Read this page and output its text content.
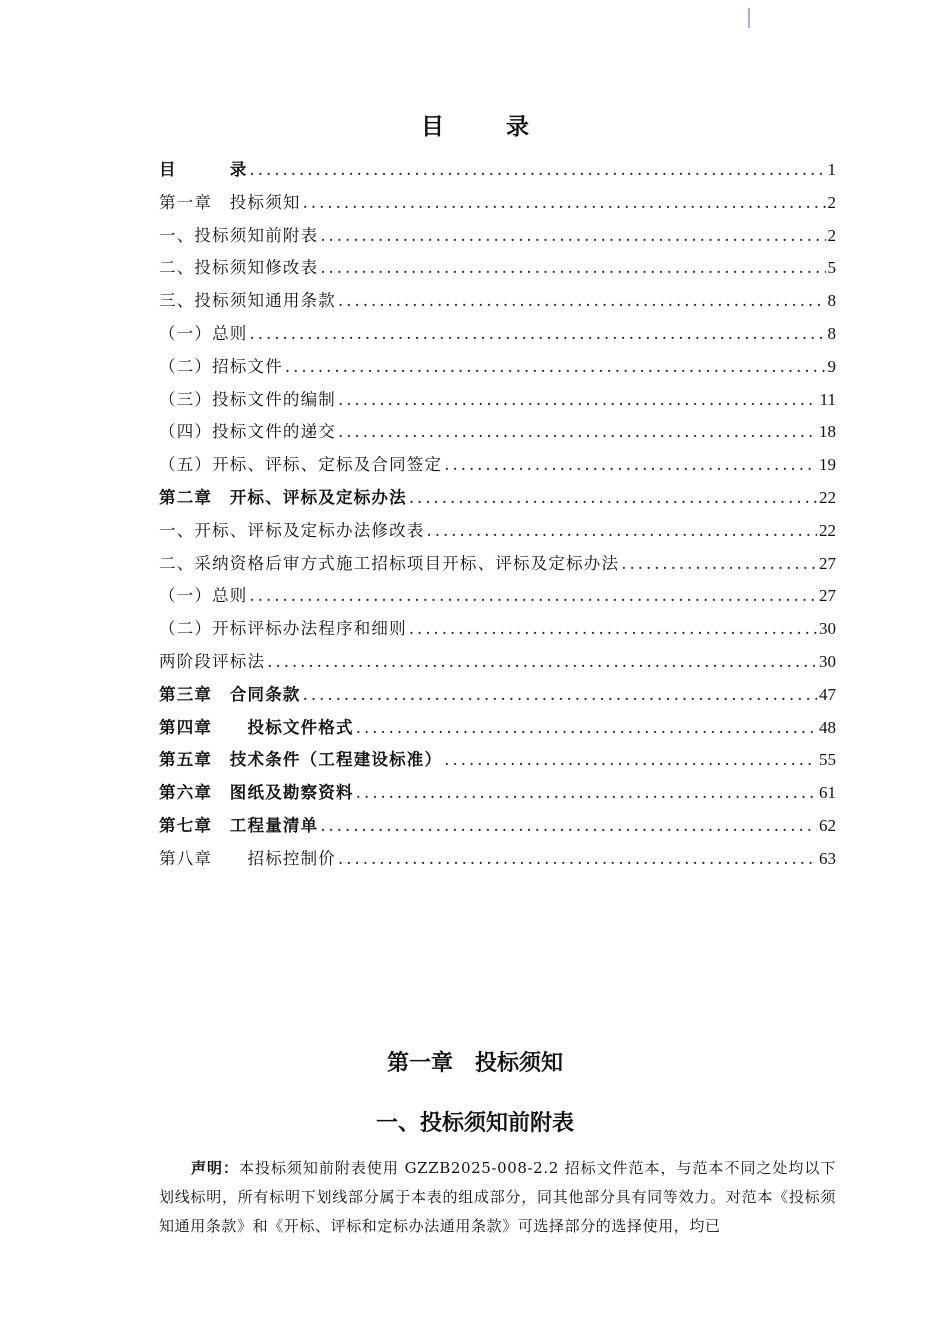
目	录
目　　　录 .....	1
第一章　投标须知 .....	2
一、投标须知前附表 .....	2
二、投标须知修改表 .....	5
三、投标须知通用条款 .....	8
（一）总则 .....	8
（二）招标文件 .....	9
（三）投标文件的编制 .....	11
（四）投标文件的递交 .....	18
（五）开标、评标、定标及合同签定 .....	19
第二章　开标、评标及定标办法 .....	22
一、开标、评标及定标办法修改表 .....	22
二、采纳资格后审方式施工招标项目开标、评标及定标办法 .....	27
（一）总则 .....	27
（二）开标评标办法程序和细则 .....	30
两阶段评标法 .....	30
第三章　合同条款 .....	47
第四章　　投标文件格式 .....	48
第五章　技术条件（工程建设标准） .....	55
第六章　图纸及勘察资料 .....	61
第七章　工程量清单 .....	62
第八章　　招标控制价 .....	63
第一章　投标须知
一、投标须知前附表
声明：本投标须知前附表使用 GZZB2025-008-2.2 招标文件范本，与范本不同之处均以下划线标明，所有标明下划线部分属于本表的组成部分，同其他部分具有同等效力。对范本《投标须知通用条款》和《开标、评标和定标办法通用条款》可选择部分的选择使用，均已
